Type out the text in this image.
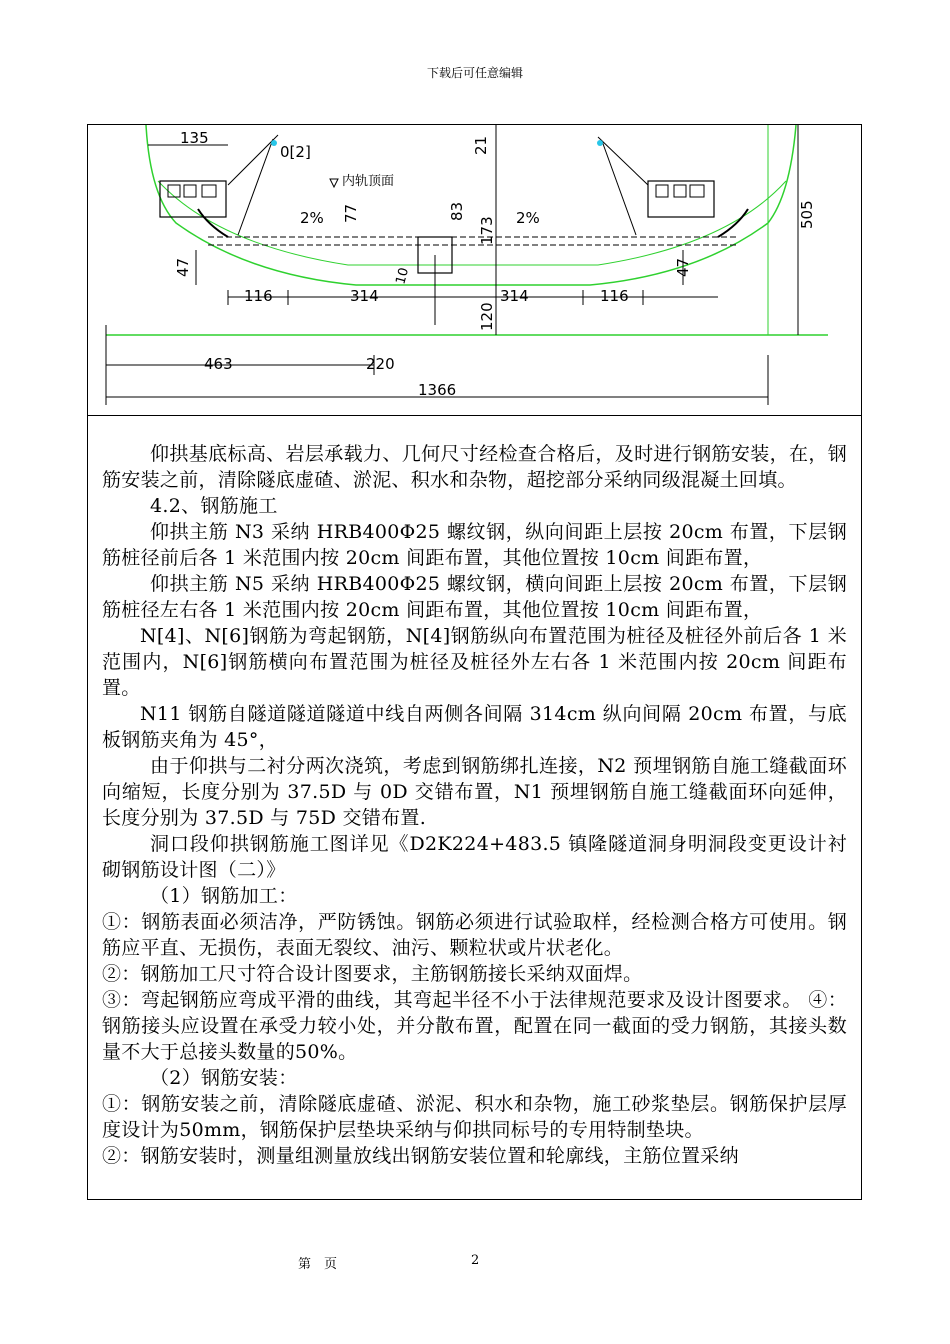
下载后可任意编辑
135
0[2]	21
内轨顶面
2% 77	83
173 2%	505
47	47
116	314
10
314	116
120
463	220
1366

仰拱基底标高、岩层承载力、几何尺寸经检查合格后，及时进行钢筋安装，在，钢筋安装之前，清除隧底虚碴、淤泥、积水和杂物，超挖部分采纳同级混凝土回填。

4.2、钢筋施工

仰拱主筋 N3 采纳 HRB400Φ25 螺纹钢，纵向间距上层按 20cm 布置，下层钢筋桩径前后各 1 米范围内按 20cm 间距布置，其他位置按 10cm 间距布置，

仰拱主筋 N5 采纳 HRB400Φ25 螺纹钢，横向间距上层按 20cm 布置，下层钢筋桩径左右各 1 米范围内按 20cm 间距布置，其他位置按 10cm 间距布置，

N[4]、N[6]钢筋为弯起钢筋，N[4]钢筋纵向布置范围为桩径及桩径外前后各 1 米范围内，N[6]钢筋横向布置范围为桩径及桩径外左右各 1 米范围内按 20cm 间距布置。

N11 钢筋自隧道隧道隧道中线自两侧各间隔 314cm 纵向间隔 20cm 布置，与底板钢筋夹角为 45°，

由于仰拱与二衬分两次浇筑，考虑到钢筋绑扎连接，N2 预埋钢筋自施工缝截面环向缩短，长度分别为 37.5D 与 0D 交错布置，N1 预埋钢筋自施工缝截面环向延伸，长度分别为 37.5D 与 75D 交错布置.

洞口段仰拱钢筋施工图详见《D2K224+483.5 镇隆隧道洞身明洞段变更设计衬砌钢筋设计图（二）》

（1）钢筋加工：

①：钢筋表面必须洁净，严防锈蚀。钢筋必须进行试验取样，经检测合格方可使用。钢筋应平直、无损伤，表面无裂纹、油污、颗粒状或片状老化。

②：钢筋加工尺寸符合设计图要求，主筋钢筋接长采纳双面焊。

③：弯起钢筋应弯成平滑的曲线，其弯起半径不小于法律规范要求及设计图要求。 ④：钢筋接头应设置在承受力较小处，并分散布置，配置在同一截面的受力钢筋，其接头数量不大于总接头数量的50%。

（2）钢筋安装：

①：钢筋安装之前，清除隧底虚碴、淤泥、积水和杂物，施工砂浆垫层。钢筋保护层厚度设计为50mm，钢筋保护层垫块采纳与仰拱同标号的专用特制垫块。

②：钢筋安装时，测量组测量放线出钢筋安装位置和轮廓线，主筋位置采纳

第　页	2
